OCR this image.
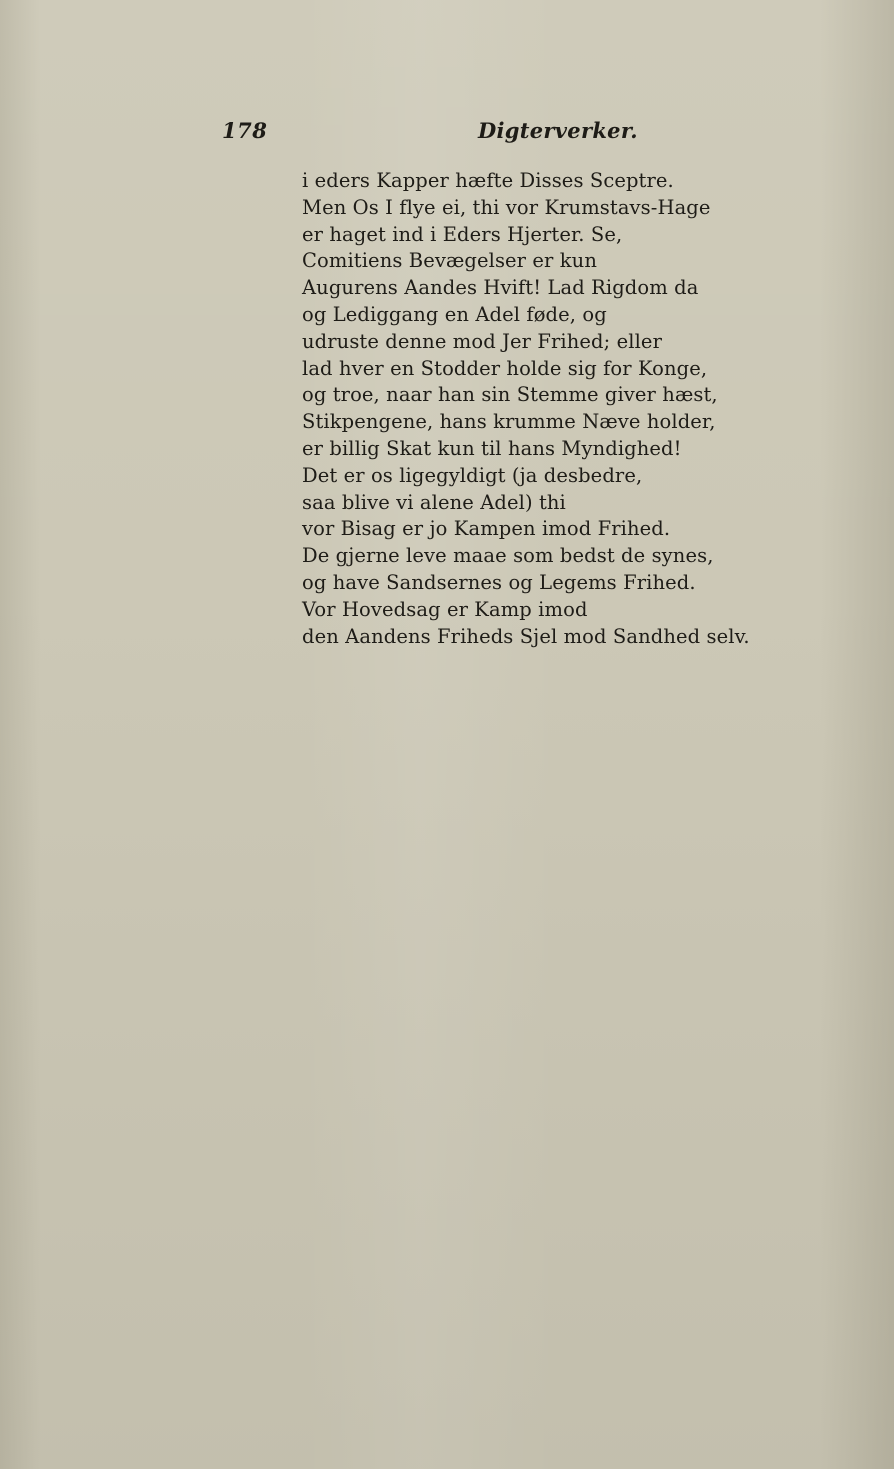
178	Digterverker.
i eders Kapper hæfte Disses Sceptre.
Men Os I flye ei, thi vor Krumstavs-Hage
er haget ind i Eders Hjerter. Se,
Comitiens Bevægelser er kun
Augurens Aandes Hvift! Lad Rigdom da
og Lediggang en Adel føde, og
udruste denne mod Jer Frihed; eller
lad hver en Stodder holde sig for Konge,
og troe, naar han sin Stemme giver hæst,
Stikpengene, hans krumme Næve holder,
er billig Skat kun til hans Myndighed!
Det er os ligegyldigt (ja desbedre,
saa blive vi alene Adel) thi
vor Bisag er jo Kampen imod Frihed.
De gjerne leve maae som bedst de synes,
og have Sandsernes og Legems Frihed.
Vor Hovedsag er Kamp imod
den Aandens Friheds Sjel mod Sandhed selv.
